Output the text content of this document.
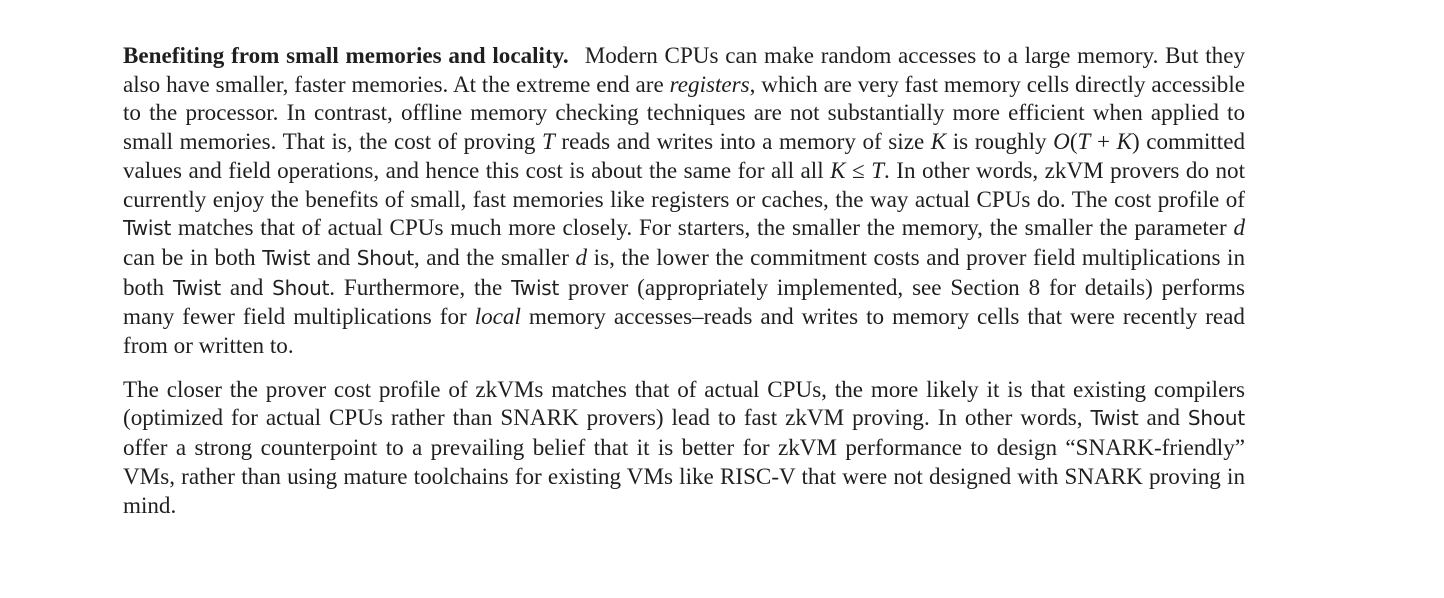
Benefiting from small memories and locality. Modern CPUs can make random accesses to a large memory. But they also have smaller, faster memories. At the extreme end are registers, which are very fast memory cells directly accessible to the processor. In contrast, offline memory checking techniques are not substantially more efficient when applied to small memories. That is, the cost of proving T reads and writes into a memory of size K is roughly O(T + K) committed values and field operations, and hence this cost is about the same for all all K ≤ T. In other words, zkVM provers do not currently enjoy the benefits of small, fast memories like registers or caches, the way actual CPUs do. The cost profile of Twist matches that of actual CPUs much more closely. For starters, the smaller the memory, the smaller the parameter d can be in both Twist and Shout, and the smaller d is, the lower the commitment costs and prover field multiplications in both Twist and Shout. Furthermore, the Twist prover (appropriately implemented, see Section 8 for details) performs many fewer field multiplications for local memory accesses–reads and writes to memory cells that were recently read from or written to.

The closer the prover cost profile of zkVMs matches that of actual CPUs, the more likely it is that existing compilers (optimized for actual CPUs rather than SNARK provers) lead to fast zkVM proving. In other words, Twist and Shout offer a strong counterpoint to a prevailing belief that it is better for zkVM performance to design “SNARK-friendly” VMs, rather than using mature toolchains for existing VMs like RISC-V that were not designed with SNARK proving in mind.
